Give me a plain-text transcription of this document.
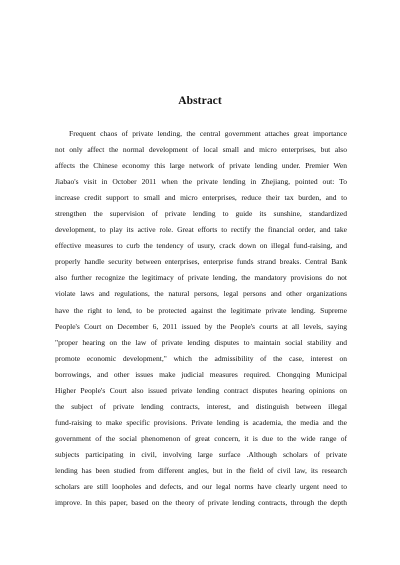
Abstract
Frequent chaos of private lending, the central government attaches great importance
not only affect the normal development of local small and micro enterprises, but also
affects the Chinese economy this large network of private lending under. Premier Wen
Jiabao's visit in October 2011 when the private lending in Zhejiang, pointed out: To
increase credit support to small and micro enterprises, reduce their tax burden, and to
strengthen the supervision of private lending to guide its sunshine, standardized
development, to play its active role. Great efforts to rectify the financial order, and take
effective measures to curb the tendency of usury, crack down on illegal fund-raising, and
properly handle security between enterprises, enterprise funds strand breaks. Central Bank
also further recognize the legitimacy of private lending, the mandatory provisions do not
violate laws and regulations, the natural persons, legal persons and other organizations
have the right to lend, to be protected against the legitimate private lending. Supreme
People's Court on December 6, 2011 issued by the People's courts at all levels, saying
"proper hearing on the law of private lending disputes to maintain social stability and
promote economic development," which the admissibility of the case, interest on
borrowings, and other issues make judicial measures required. Chongqing Municipal
Higher People's Court also issued private lending contract disputes hearing opinions on
the subject of private lending contracts, interest, and distinguish between illegal
fund-raising to make specific provisions. Private lending is academia, the media and the
government of the social phenomenon of great concern, it is due to the wide range of
subjects participating in civil, involving large surface .Although scholars of private
lending has been studied from different angles, but in the field of civil law, its research
scholars are still loopholes and defects, and our legal norms have clearly urgent need to
improve. In this paper, based on the theory of private lending contracts, through the depth
